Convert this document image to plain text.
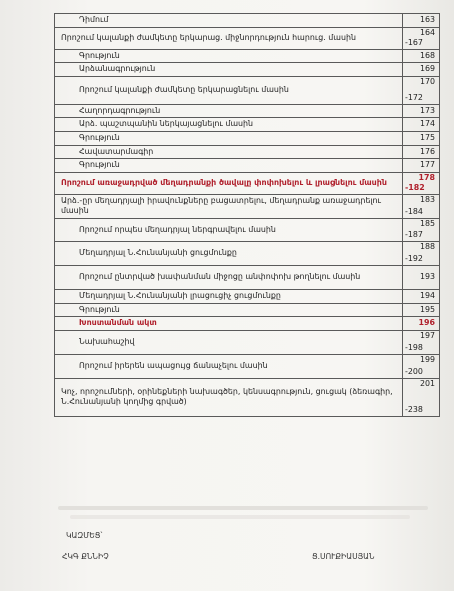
Դիմում	163

Որոշում կալանքի ժամկետը երկարաց. միջնորդություն հարուց. մասին	164
-167

Գրություն	168

Արձանագրություն	169

Որոշում կալանքի ժամկետը երկարացնելու մասին	170
-172

Հաղորդագրություն	173

Արձ. պաշտպանին ներկայացնելու մասին	174

Գրություն	175

Հավատարմագիր	176

Գրություն	177

Որոշում առաջադրված մեղադրանքի ծավալը փոփոխելու և լրացնելու մասին	178
-182

Արձ.-ըր մեղադրյալի իրավունքները բացատրելու, մեղադրանք առաջադրելու մասին	183
-184

Որոշում որպես մեղադրյալ ներգրավելու մասին	185
-187

Մեղադրյալ Ն.Հունանյանի ցուցմունքը	188
-192

Որոշում ընտրված խափանման միջոցը անփոփոխ թողնելու մասին	193

Մեղադրյալ Ն.Հունանյանի լրացուցիչ ցուցմունքը	194

Գրություն	195

Խոստանման ակտ	196

Նախաhաշիվ	197
-198

Որոշում իրերեն ապացույց ճանաչելու մասին	199
-200

Կոչ, որոշումների, օրինեքների նախագծեր, կենսագրություն, ցուցակ (ձեռագիր, Ն.Հունանյանի կողմից գրված)	201
-238
ԿԱԶՄԵՑ՝
ՀԿԳ ՔՆՆԻՉ	Ց.ՍՈՒՔԻԱՍՅԱՆ
